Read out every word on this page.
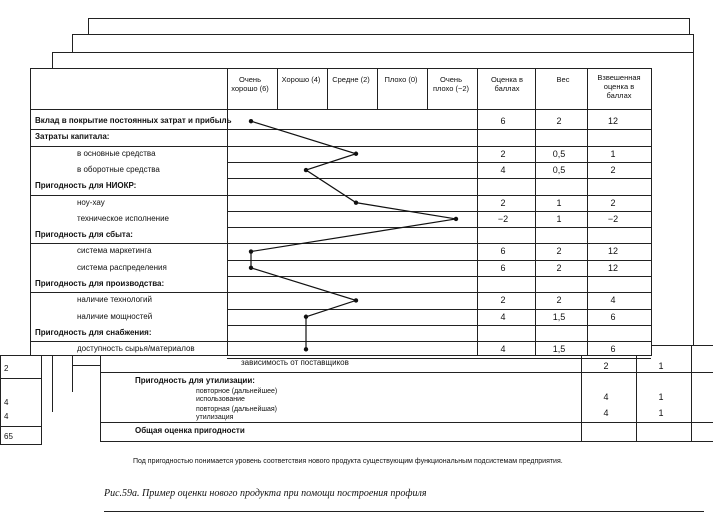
зависимость от поставщиков	2	1
Пригодность для утилизации:
повторное (дальнейшее) использование	4	1
повторная (дальнейшая) утилизация	4	1
Общая оценка пригодности
2
4
4
65
Очень хорошо (6)
Хорошо (4)	Средне (2)	Плохо (0)	Очень плохо (−2)
Оценка в баллах
Вес	Взвешенная оценка в баллах
Вклад в покрытие постоянных затрат и прибыль	6	2	12
Затраты капитала:
в основные средства	2	0,5	1
в оборотные средства	4	0,5	2
Пригодность для НИОКР:
ноу-хау	2	1	2
техническое исполнение	−2	1	−2
Пригодность для сбыта:
система маркетинга	6	2	12
система распределения	6	2	12
Пригодность для производства:
наличие технологий	2	2	4
наличие мощностей	4	1,5	6
Пригодность для снабжения:
доступность сырья/материалов	4	1,5	6
Под пригодностью понимается уровень соответствия нового продукта существующим функциональным подсистемам предприятия.
Рис.59а. Пример оценки нового продукта при помощи построения профиля
